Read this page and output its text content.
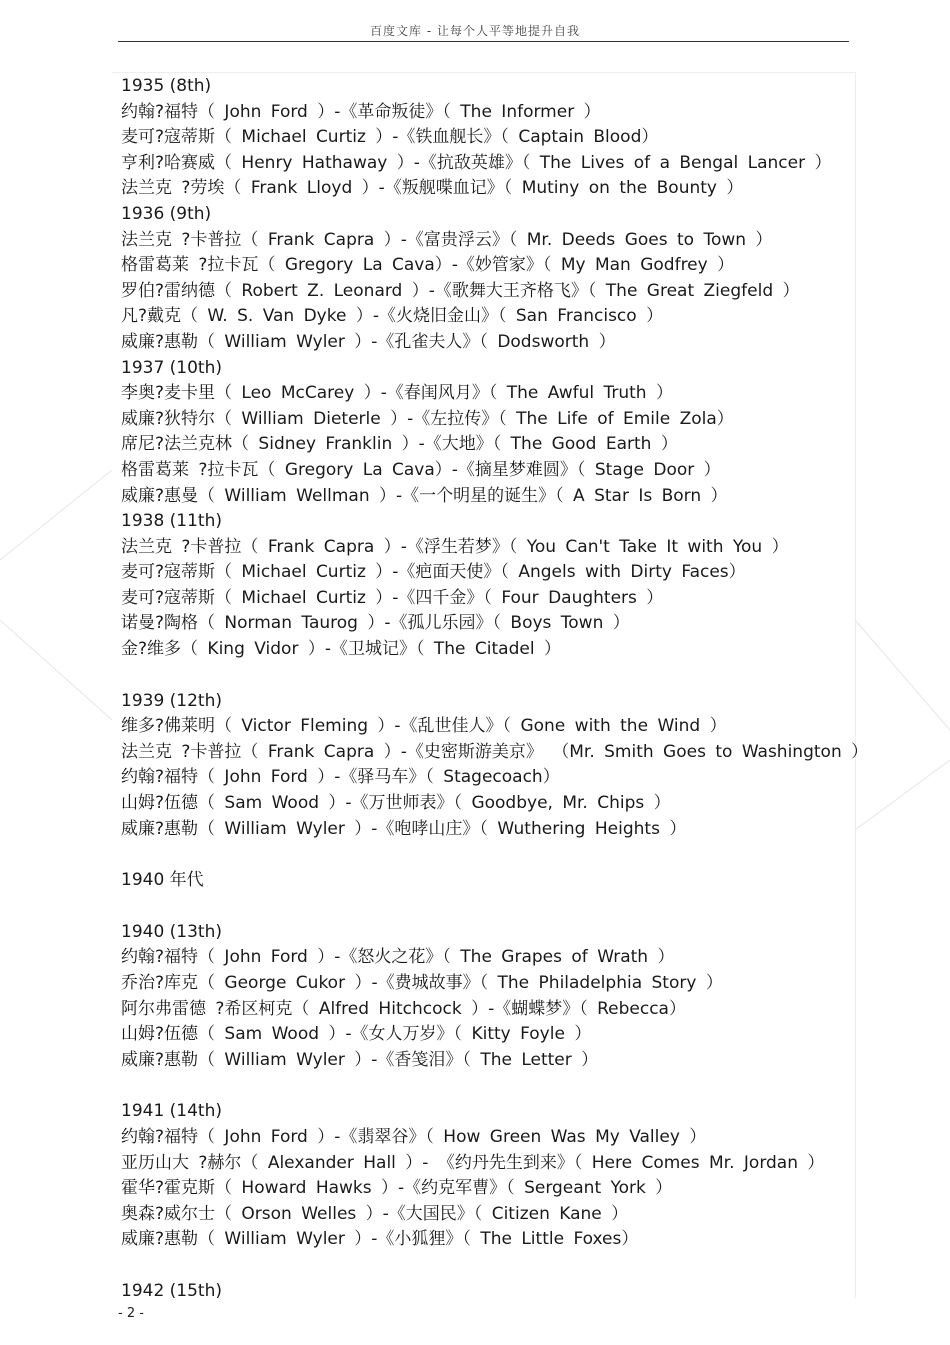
百度文库 - 让每个人平等地提升自我
1935 (8th)
约翰?福特（ John Ford ）-《革命叛徒》（ The Informer ）
麦可?寇蒂斯（ Michael Curtiz ）-《铁血舰长》（ Captain Blood）
亨利?哈赛威（ Henry Hathaway ）-《抗敌英雄》（ The Lives of a Bengal Lancer ）
法兰克 ?劳埃（ Frank Lloyd ）-《叛舰喋血记》（ Mutiny on the Bounty ）
1936 (9th)
法兰克 ?卡普拉（ Frank Capra ）-《富贵浮云》（ Mr. Deeds Goes to Town ）
格雷葛莱 ?拉卡瓦（ Gregory La Cava）-《妙管家》（ My Man Godfrey ）
罗伯?雷纳德（ Robert Z. Leonard ）-《歌舞大王齐格飞》（ The Great Ziegfeld ）
凡?戴克（ W. S. Van Dyke ）-《火烧旧金山》（ San Francisco ）
威廉?惠勒（ William Wyler ）-《孔雀夫人》（ Dodsworth ）
1937 (10th)
李奥?麦卡里（ Leo McCarey ）-《春闺风月》（ The Awful Truth ）
威廉?狄特尔（ William Dieterle ）-《左拉传》（ The Life of Emile Zola）
席尼?法兰克林（ Sidney Franklin ）-《大地》（ The Good Earth ）
格雷葛莱 ?拉卡瓦（ Gregory La Cava）-《摘星梦难圆》（ Stage Door ）
威廉?惠曼（ William Wellman ）-《一个明星的诞生》（ A Star Is Born ）
1938 (11th)
法兰克 ?卡普拉（ Frank Capra ）-《浮生若梦》（ You Can't Take It with You ）
麦可?寇蒂斯（ Michael Curtiz ）-《疤面天使》（ Angels with Dirty Faces）
麦可?寇蒂斯（ Michael Curtiz ）-《四千金》（ Four Daughters ）
诺曼?陶格（ Norman Taurog ）-《孤儿乐园》（ Boys Town ）
金?维多（ King Vidor ）-《卫城记》（ The Citadel ）
1939 (12th)
维多?佛莱明（ Victor Fleming ）-《乱世佳人》（ Gone with the Wind ）
法兰克 ?卡普拉（ Frank Capra ）-《史密斯游美京》 （Mr. Smith Goes to Washington ）
约翰?福特（ John Ford ）-《驿马车》（ Stagecoach）
山姆?伍德（ Sam Wood ）-《万世师表》（ Goodbye, Mr. Chips ）
威廉?惠勒（ William Wyler ）-《咆哮山庄》（ Wuthering Heights ）
1940 年代
1940 (13th)
约翰?福特（ John Ford ）-《怒火之花》（ The Grapes of Wrath ）
乔治?库克（ George Cukor ）-《费城故事》（ The Philadelphia Story ）
阿尔弗雷德 ?希区柯克（ Alfred Hitchcock ）-《蝴蝶梦》（ Rebecca）
山姆?伍德（ Sam Wood ）-《女人万岁》（ Kitty Foyle ）
威廉?惠勒（ William Wyler ）-《香笺泪》（ The Letter ）
1941 (14th)
约翰?福特（ John Ford ）-《翡翠谷》（ How Green Was My Valley ）
亚历山大 ?赫尔（ Alexander Hall ）- 《约丹先生到来》（ Here Comes Mr. Jordan ）
霍华?霍克斯（ Howard Hawks ）-《约克军曹》（ Sergeant York ）
奥森?威尔士（ Orson Welles ）-《大国民》（ Citizen Kane ）
威廉?惠勒（ William Wyler ）-《小狐狸》（ The Little Foxes）
1942 (15th)
- 2 -
